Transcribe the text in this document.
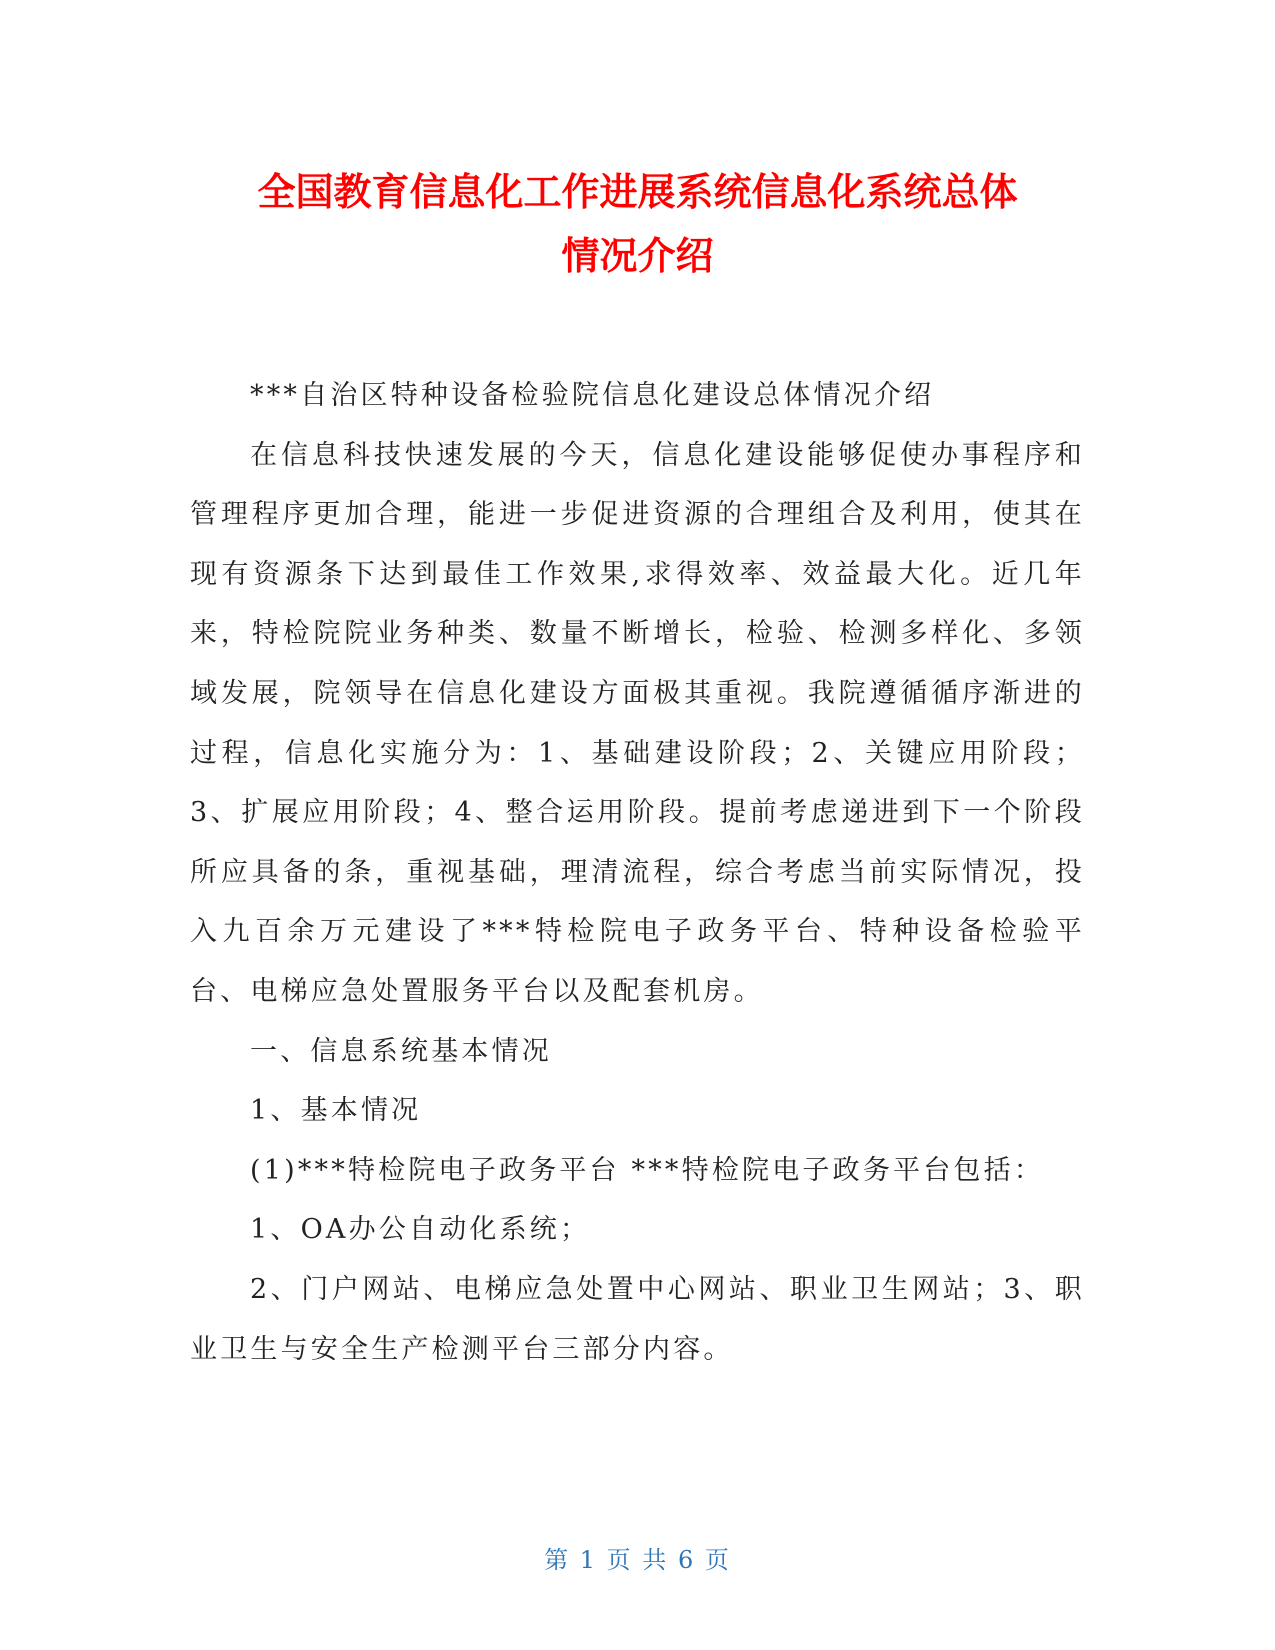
全国教育信息化工作进展系统信息化系统总体
情况介绍

***自治区特种设备检验院信息化建设总体情况介绍

在信息科技快速发展的今天，信息化建设能够促使办事程序和管理程序更加合理，能进一步促进资源的合理组合及利用，使其在现有资源条下达到最佳工作效果,求得效率、效益最大化。近几年来，特检院院业务种类、数量不断增长，检验、检测多样化、多领域发展，院领导在信息化建设方面极其重视。我院遵循循序渐进的过程，信息化实施分为：1、基础建设阶段；2、关键应用阶段；3、扩展应用阶段；4、整合运用阶段。提前考虑递进到下一个阶段所应具备的条，重视基础，理清流程，综合考虑当前实际情况，投入九百余万元建设了***特检院电子政务平台、特种设备检验平台、电梯应急处置服务平台以及配套机房。

一、信息系统基本情况

1、基本情况

(1)***特检院电子政务平台 ***特检院电子政务平台包括：

1、OA办公自动化系统；

2、门户网站、电梯应急处置中心网站、职业卫生网站；3、职业卫生与安全生产检测平台三部分内容。

第 1 页 共 6 页
